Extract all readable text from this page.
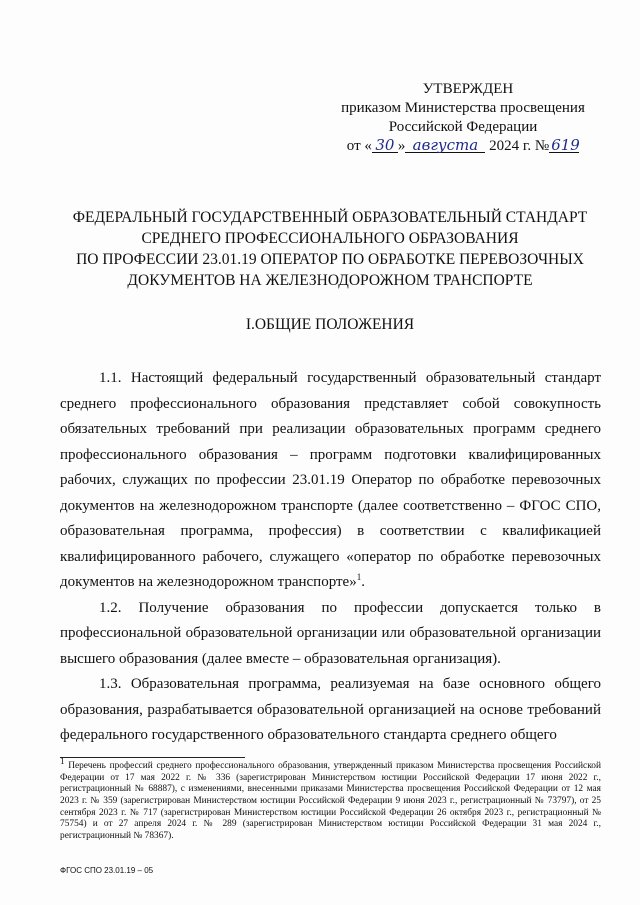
УТВЕРЖДЕН
приказом Министерства просвещения
Российской Федерации
от « 30 » августа 2024 г. № 619
ФЕДЕРАЛЬНЫЙ ГОСУДАРСТВЕННЫЙ ОБРАЗОВАТЕЛЬНЫЙ СТАНДАРТ
СРЕДНЕГО ПРОФЕССИОНАЛЬНОГО ОБРАЗОВАНИЯ
ПО ПРОФЕССИИ 23.01.19 ОПЕРАТОР ПО ОБРАБОТКЕ ПЕРЕВОЗОЧНЫХ
ДОКУМЕНТОВ НА ЖЕЛЕЗНОДОРОЖНОМ ТРАНСПОРТЕ
I.ОБЩИЕ ПОЛОЖЕНИЯ

1.1. Настоящий федеральный государственный образовательный стандарт среднего профессионального образования представляет собой совокупность обязательных требований при реализации образовательных программ среднего профессионального образования – программ подготовки квалифицированных рабочих, служащих по профессии 23.01.19 Оператор по обработке перевозочных документов на железнодорожном транспорте (далее соответственно – ФГОС СПО, образовательная программа, профессия) в соответствии с квалификацией квалифицированного рабочего, служащего «оператор по обработке перевозочных документов на железнодорожном транспорте»$^1$.

1.2. Получение образования по профессии допускается только в профессиональной образовательной организации или образовательной организации высшего образования (далее вместе – образовательная организация).

1.3. Образовательная программа, реализуемая на базе основного общего образования, разрабатывается образовательной организацией на основе требований федерального государственного образовательного стандарта среднего общего

$^1$ Перечень профессий среднего профессионального образования, утвержденный приказом Министерства просвещения Российской Федерации от 17 мая 2022 г. № 336 (зарегистрирован Министерством юстиции Российской Федерации 17 июня 2022 г., регистрационный № 68887), с изменениями, внесенными приказами Министерства просвещения Российской Федерации от 12 мая 2023 г. № 359 (зарегистрирован Министерством юстиции Российской Федерации 9 июня 2023 г., регистрационный № 73797), от 25 сентября 2023 г. № 717 (зарегистрирован Министерством юстиции Российской Федерации 26 октября 2023 г., регистрационный № 75754) и от 27 апреля 2024 г. № 289 (зарегистрирован Министерством юстиции Российской Федерации 31 мая 2024 г., регистрационный № 78367).
ФГОС СПО 23.01.19 – 05
